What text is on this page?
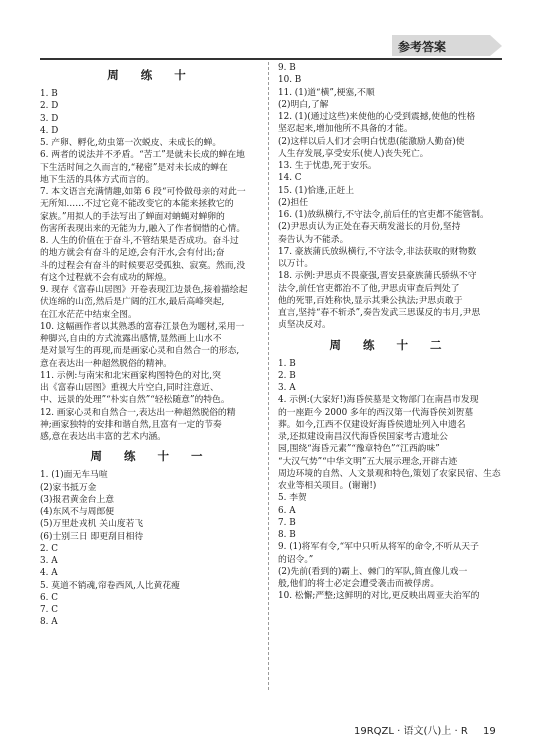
参考答案
周 练 十
1. B
2. D
3. D
4. D
5. 产卵、孵化,幼虫第一次蜕皮、未成长的蝉。
6. 两者的说法并不矛盾。“苦工”是就未长成的蝉在地
下生活时间之久而言的,“秘密”是对未长成的蝉在
地下生活的具体方式而言的。
7. 本文语言充满情趣,如第 6 段“可怜做母亲的对此一
无所知……不过它竟不能改变它的本能来拯救它的
家族。”用拟人的手法写出了蝉面对蚋蝇对蝉卵的
伤害所表现出来的无能为力,融入了作者悯惜的心情。
8. 人生的价值在于奋斗,不管结果是否成功。奋斗过
的地方就会有奋斗的足迹,会有汗水,会有付出;奋
斗的过程会有奋斗的时候要忍受孤独、寂寞。然而,没
有这个过程就不会有成功的辉煌。
9. 现存《富春山居图》开卷表现江边景色,接着描绘起
伏连绵的山峦,然后是广阔的江水,最后高峰突起,
在江水茫茫中结束全图。
10. 这幅画作者以其熟悉的富春江景色为题材,采用一
种脚兴,自由的方式流露出感情,显然画上山水不
是对景写生的再现,而是画家心灵和自然合一的形态,
意在表达出一种超然脱俗的精神。
11. 示例:与南宋和北宋画家构图特色的对比,突
出《富春山居图》重视大片空白,同时注意近、
中、远景的处理”“朴实自然”“轻松随意”的特色。
12. 画家心灵和自然合一,表达出一种超然脱俗的精
神;画家独特的安排和谐自然,且富有一定的节奏
感,意在表达出丰富的艺术内涵。
周 练 十 一
1. (1)面无车马喧
(2)家书抵万金
(3)报君黄金台上意
(4)东风不与周郎便
(5)万里赴戎机 关山度若飞
(6)士别三日 即更刮目相待
2. C
3. A
4. A
5. 莫道不销魂,帘卷西风,人比黄花瘦
6. C
7. C
8. A
9. B
10. B
11. (1)道“横”,梗塞,不顺
(2)明白,了解
12. (1)(通过这些)来使他的心受到震撼,使他的性格
坚忍起来,增加他所不具备的才能。
(2)这样以后人们才会明白忧患(能激励人勤奋)使
人生存发展,享受安乐(使人)丧失死亡。
13. 生于忧患,死于安乐。
14. C
15. (1)恰逢,正赶上
(2)担任
16. (1)放纵横行,不守法令,前后任的官吏都不能管制。
(2)尹思贞认为正处在春天萌发滋长的月份,坚持
奏告认为不能杀。
17. 豪族蒲氏放纵横行,不守法令,非法获取的财物数
以万计。
18. 示例:尹思贞不畏豪强,晋安县豪族蒲氏骄纵不守
法令,前任官吏都治不了他,尹思贞审查后判处了
他的死罪,百姓称快,显示其秉公执法;尹思贞敢于
直言,坚持“春不斩杀”,奏告发武三思谋反的韦月,尹思
贞坚决反对。
周 练 十 二
1. B
2. B
3. A
4. 示例:(大家好!)海昏侯墓是文物部门在南昌市发现
的一座距今 2000 多年的西汉第一代海昏侯刘贺墓
葬。如今,江西不仅建设好海昏侯遗址列入申遗名
录,还拟建设南昌汉代海昏侯国家考古遗址公
园,围绕“海昏元素”“豫章特色”“江西韵味”
“大汉气势”“中华文明”五大展示理念,开辟古迹
周边环境的自然、人文景观和特色,策划了农家民宿、生态
农业等相关项目。(谢谢!)
5. 李贺
6. A
7. B
8. B
9. (1)将军有令,“军中只听从将军的命令,不听从天子
的诏令。”
(2)先前(看到的)霸上、棘门的军队,简直像儿戏一
般,他们的将士必定会遭受袭击而被俘虏。
10. 松懈;严整;这鲜明的对比,更反映出周亚夫治军的
19RQZL · 语文(八)上 · R 19
